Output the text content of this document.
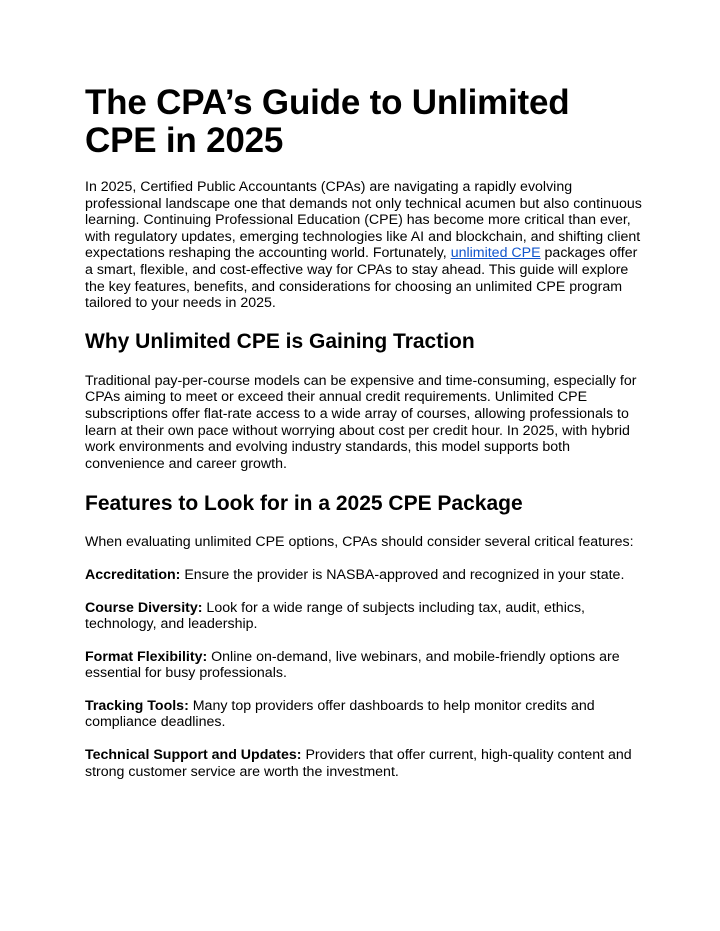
The CPA’s Guide to Unlimited CPE in 2025

In 2025, Certified Public Accountants (CPAs) are navigating a rapidly evolving professional landscape one that demands not only technical acumen but also continuous learning. Continuing Professional Education (CPE) has become more critical than ever, with regulatory updates, emerging technologies like AI and blockchain, and shifting client expectations reshaping the accounting world. Fortunately, unlimited CPE packages offer a smart, flexible, and cost-effective way for CPAs to stay ahead. This guide will explore the key features, benefits, and considerations for choosing an unlimited CPE program tailored to your needs in 2025.

Why Unlimited CPE is Gaining Traction

Traditional pay-per-course models can be expensive and time-consuming, especially for CPAs aiming to meet or exceed their annual credit requirements. Unlimited CPE subscriptions offer flat-rate access to a wide array of courses, allowing professionals to learn at their own pace without worrying about cost per credit hour. In 2025, with hybrid work environments and evolving industry standards, this model supports both convenience and career growth.

Features to Look for in a 2025 CPE Package

When evaluating unlimited CPE options, CPAs should consider several critical features:

Accreditation: Ensure the provider is NASBA-approved and recognized in your state.

Course Diversity: Look for a wide range of subjects including tax, audit, ethics, technology, and leadership.

Format Flexibility: Online on-demand, live webinars, and mobile-friendly options are essential for busy professionals.

Tracking Tools: Many top providers offer dashboards to help monitor credits and compliance deadlines.

Technical Support and Updates: Providers that offer current, high-quality content and strong customer service are worth the investment.
